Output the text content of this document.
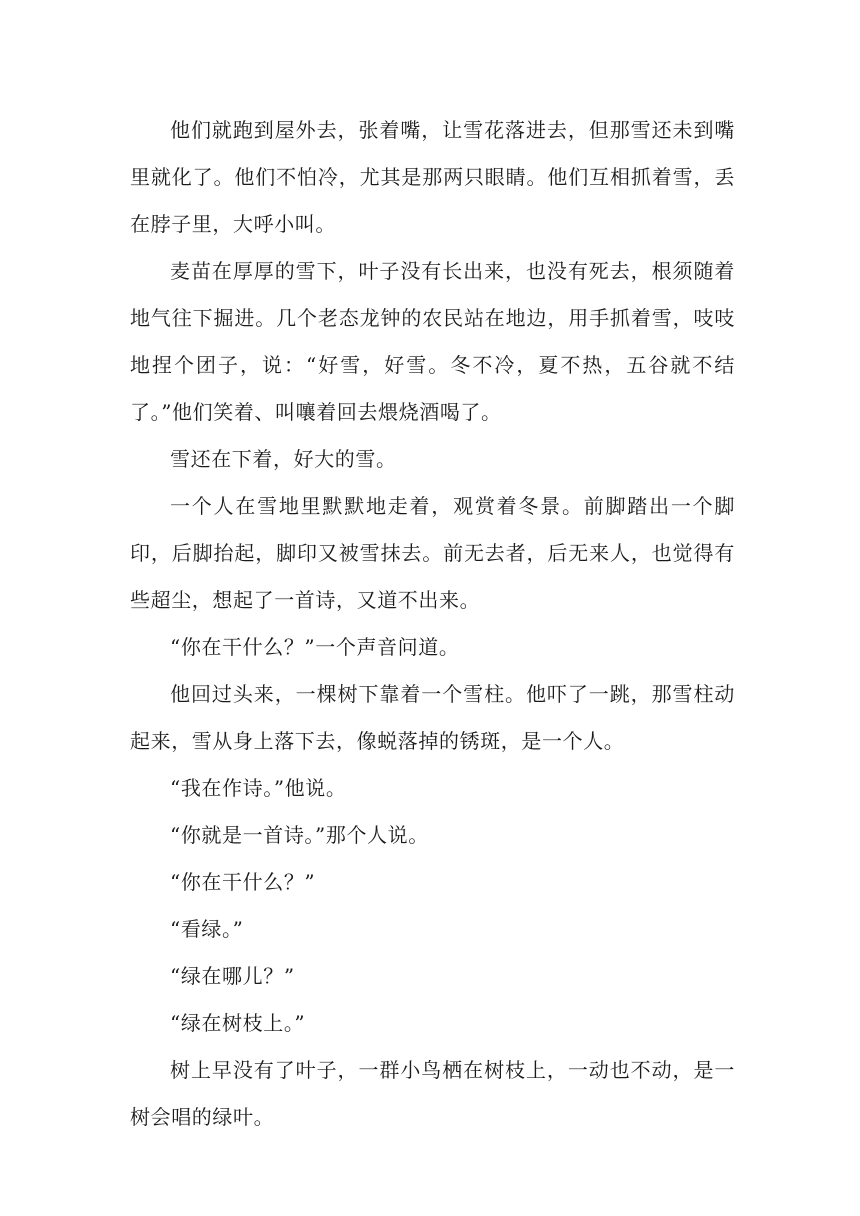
他们就跑到屋外去，张着嘴，让雪花落进去，但那雪还未到嘴里就化了。他们不怕冷，尤其是那两只眼睛。他们互相抓着雪，丢在脖子里，大呼小叫。

麦苗在厚厚的雪下，叶子没有长出来，也没有死去，根须随着地气往下掘进。几个老态龙钟的农民站在地边，用手抓着雪，吱吱地捏个团子，说：“好雪，好雪。冬不冷，夏不热，五谷就不结了。”他们笑着、叫嚷着回去煨烧酒喝了。

雪还在下着，好大的雪。

一个人在雪地里默默地走着，观赏着冬景。前脚踏出一个脚印，后脚抬起，脚印又被雪抹去。前无去者，后无来人，也觉得有些超尘，想起了一首诗，又道不出来。

“你在干什么？”一个声音问道。

他回过头来，一棵树下靠着一个雪柱。他吓了一跳，那雪柱动起来，雪从身上落下去，像蜕落掉的锈斑，是一个人。

“我在作诗。”他说。

“你就是一首诗。”那个人说。

“你在干什么？”

“看绿。”

“绿在哪儿？”

“绿在树枝上。”

树上早没有了叶子，一群小鸟栖在树枝上，一动也不动，是一树会唱的绿叶。
